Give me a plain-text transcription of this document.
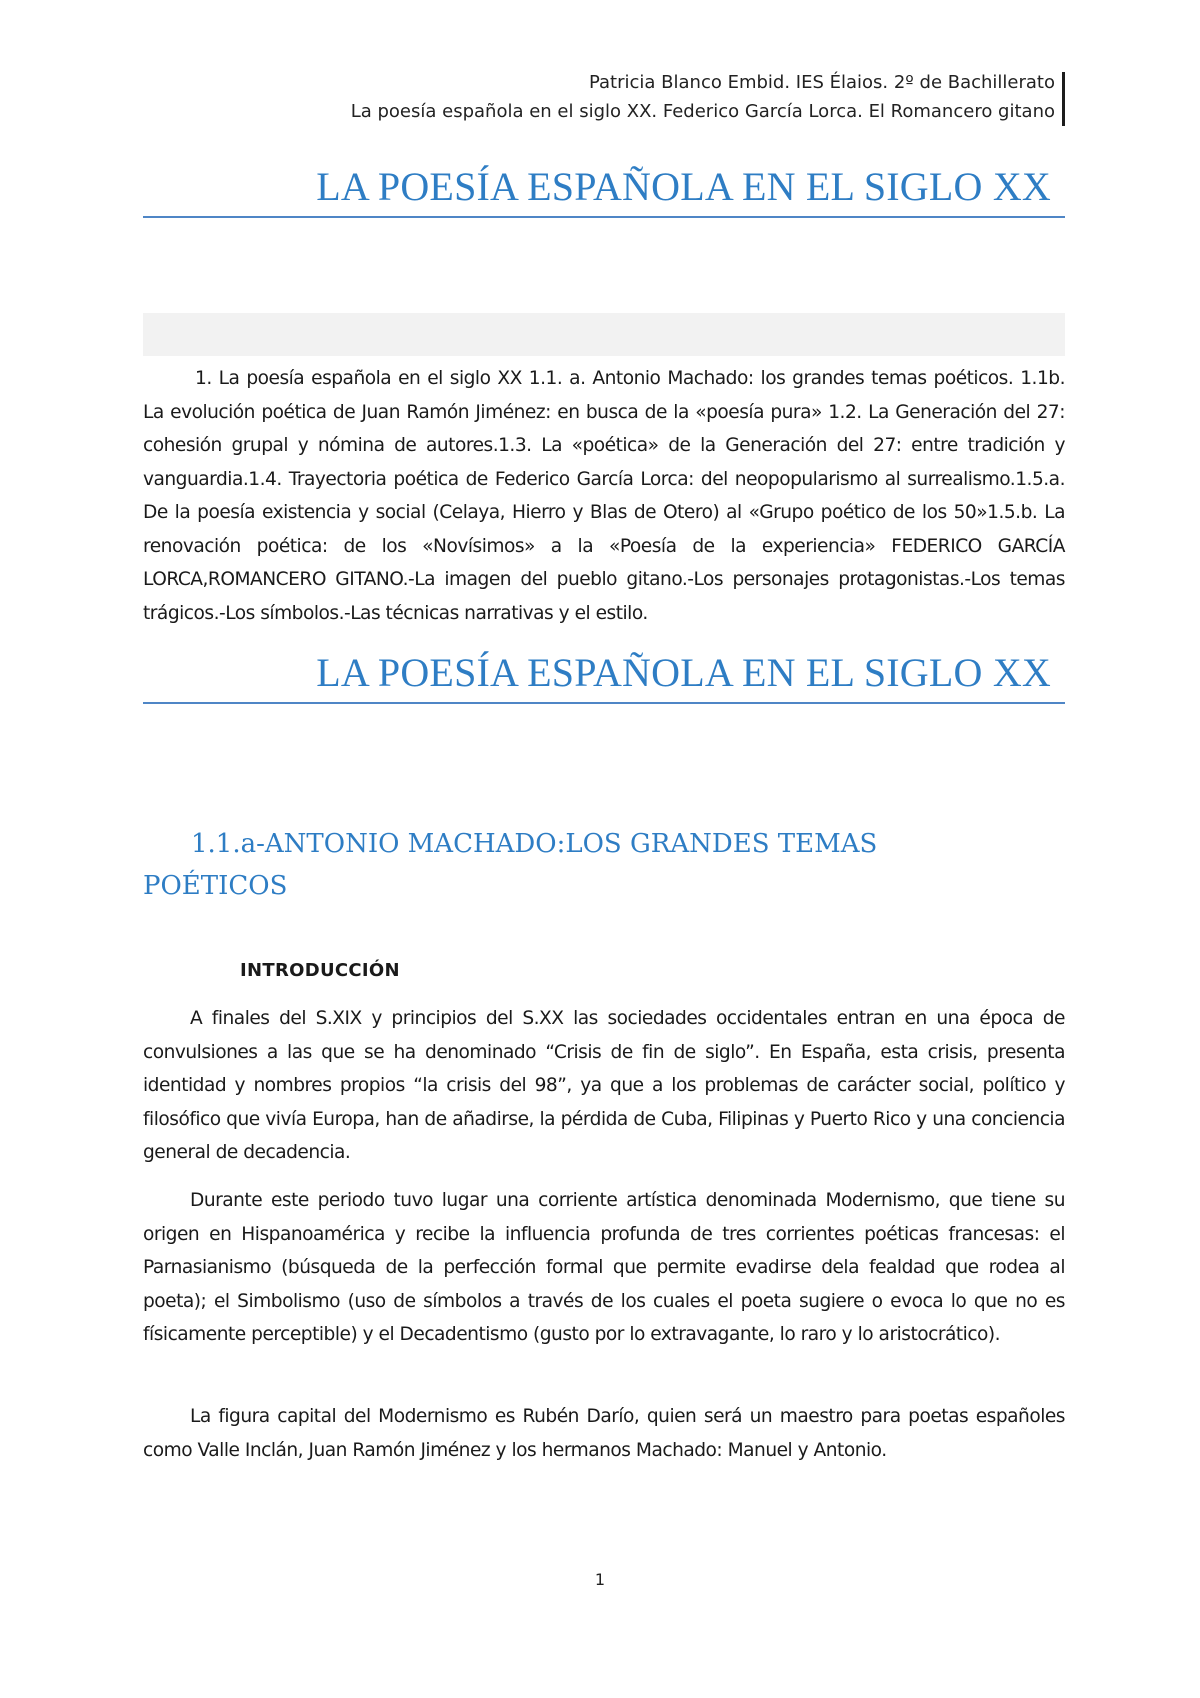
Patricia Blanco Embid. IES Élaios. 2º de Bachillerato
La poesía española en el siglo XX. Federico García Lorca. El Romancero gitano
LA POESÍA ESPAÑOLA EN EL SIGLO XX
1. La poesía española en el siglo XX 1.1. a. Antonio Machado: los grandes temas poéticos. 1.1b. La evolución poética de Juan Ramón Jiménez: en busca de la «poesía pura» 1.2. La Generación del 27: cohesión grupal y nómina de autores.1.3. La «poética» de la Generación del 27: entre tradición y vanguardia.1.4. Trayectoria poética de Federico García Lorca: del neopopularismo al surrealismo.1.5.a. De la poesía existencia y social (Celaya, Hierro y Blas de Otero) al «Grupo poético de los 50»1.5.b. La renovación poética: de los «Novísimos» a la «Poesía de la experiencia» FEDERICO GARCÍA LORCA,ROMANCERO GITANO.-La imagen del pueblo gitano.-Los personajes protagonistas.-Los temas trágicos.-Los símbolos.-Las técnicas narrativas y el estilo.
LA POESÍA ESPAÑOLA EN EL SIGLO XX
1.1.a-ANTONIO MACHADO:LOS GRANDES TEMAS POÉTICOS
INTRODUCCIÓN

A finales del S.XIX y principios del S.XX las sociedades occidentales entran en una época de convulsiones a las que se ha denominado “Crisis de fin de siglo”. En España, esta crisis, presenta identidad y nombres propios “la crisis del 98”, ya que a los problemas de carácter social, político y filosófico que vivía Europa, han de añadirse, la pérdida de Cuba, Filipinas y Puerto Rico y una conciencia general de decadencia.

Durante este periodo tuvo lugar una corriente artística denominada Modernismo, que tiene su origen en Hispanoamérica y recibe la influencia profunda de tres corrientes poéticas francesas: el Parnasianismo (búsqueda de la perfección formal que permite evadirse dela fealdad que rodea al poeta); el Simbolismo (uso de símbolos a través de los cuales el poeta sugiere o evoca lo que no es físicamente perceptible) y el Decadentismo (gusto por lo extravagante, lo raro y lo aristocrático).

La figura capital del Modernismo es Rubén Darío, quien será un maestro para poetas españoles como Valle Inclán, Juan Ramón Jiménez y los hermanos Machado: Manuel y Antonio.

1
